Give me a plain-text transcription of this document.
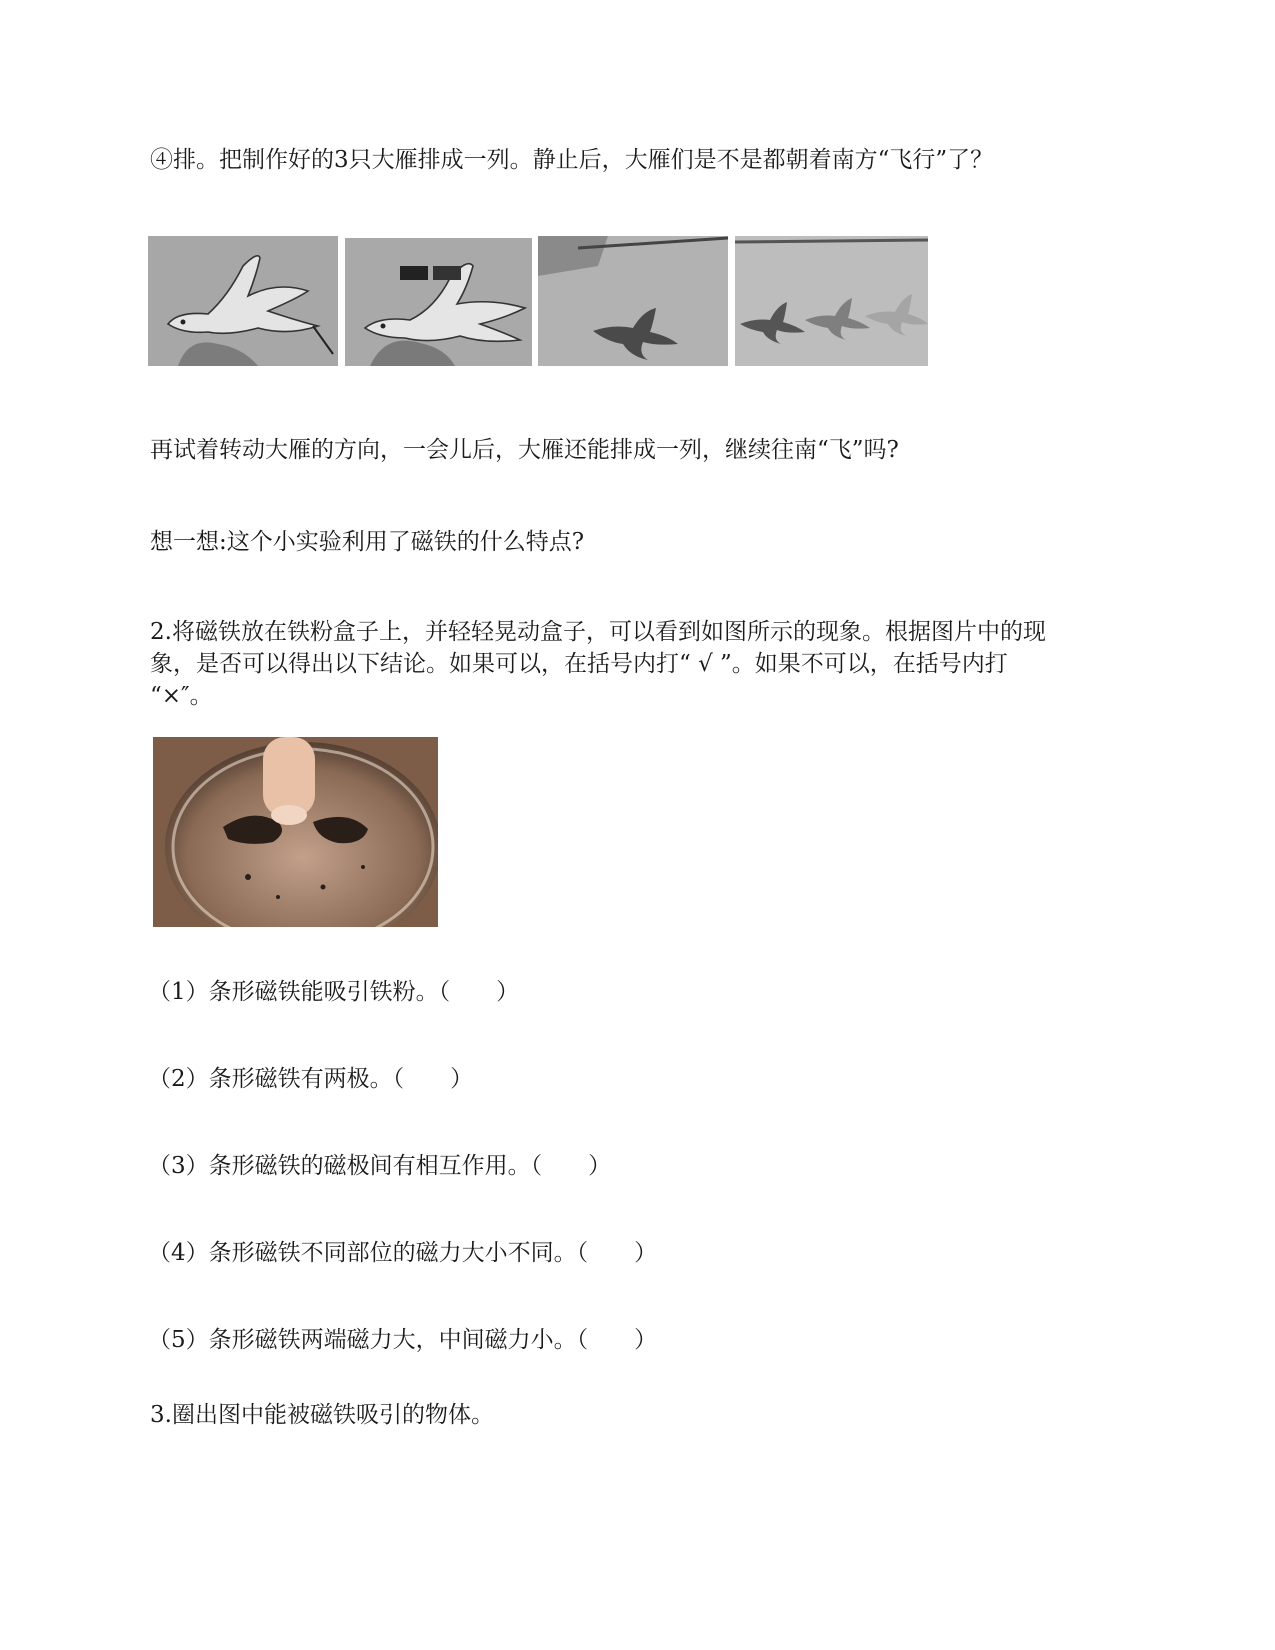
④排。把制作好的3只大雁排成一列。静止后，大雁们是不是都朝着南方“飞行”了？
再试着转动大雁的方向，一会儿后，大雁还能排成一列，继续往南“飞”吗?
想一想:这个小实验利用了磁铁的什么特点?
2.将磁铁放在铁粉盒子上，并轻轻晃动盒子，可以看到如图所示的现象。根据图片中的现
象，是否可以得出以下结论。如果可以，在括号内打“ √ ”。如果不可以，在括号内打
“×″。
（1）条形磁铁能吸引铁粉。（　　）
（2）条形磁铁有两极。（　　）
（3）条形磁铁的磁极间有相互作用。（　　）
（4）条形磁铁不同部位的磁力大小不同。（　　）
（5）条形磁铁两端磁力大，中间磁力小。（　　）
3.圈出图中能被磁铁吸引的物体。
